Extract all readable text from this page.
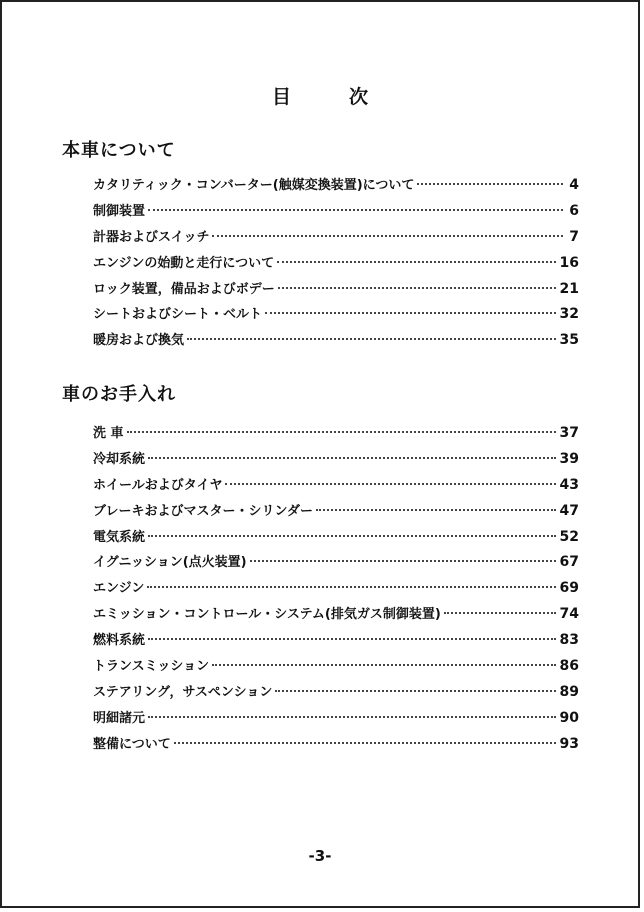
目次
本車について
カタリティック・コンバーター(触媒変換装置)について	4
制御装置	6
計器およびスイッチ	7
エンジンの始動と走行について	16
ロック装置，備品およびボデー	21
シートおよびシート・ベルト	32
暖房および換気	35
車のお手入れ
洗 車	37
冷却系統	39
ホイールおよびタイヤ	43
ブレーキおよびマスター・シリンダー	47
電気系統	52
イグニッション(点火装置)	67
エンジン	69
エミッション・コントロール・システム(排気ガス制御装置)	74
燃料系統	83
トランスミッション	86
ステアリング，サスペンション	89
明細諸元	90
整備について	93
-3-
